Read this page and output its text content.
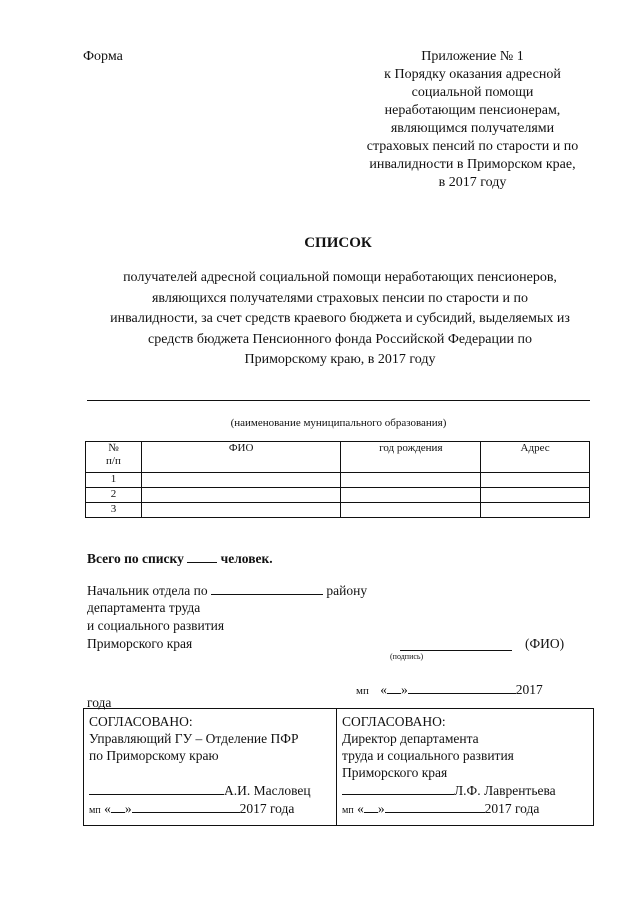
Форма	Приложение № 1
к Порядку оказания адресной
социальной помощи
неработающим пенсионерам,
являющимся получателями
страховых пенсий по старости и по
инвалидности в Приморском крае,
в 2017 году
СПИСОК
получателей адресной социальной помощи неработающих пенсионеров,
являющихся получателями страховых пенсии по старости и по
инвалидности, за счет средств краевого бюджета и субсидий, выделяемых из
средств бюджета Пенсионного фонда Российской Федерации по
Приморскому краю, в 2017 году
(наименование муниципального образования)
№
п/п	ФИО	год рождения	Адрес
1			
2			
3			
Всего по списку	человек.
Начальник отдела по	району
департамента труда
и социального развития
Приморского края
(подпись)
(ФИО)
мп « »	2017
года
СОГЛАСОВАНО:
Управляющий ГУ – Отделение ПФР
по Приморскому краю
А.И. Масловец
мп « »	2017 года
СОГЛАСОВАНО:
Директор департамента
труда и социального развития
Приморского края
Л.Ф. Лаврентьева
мп « »	2017 года
